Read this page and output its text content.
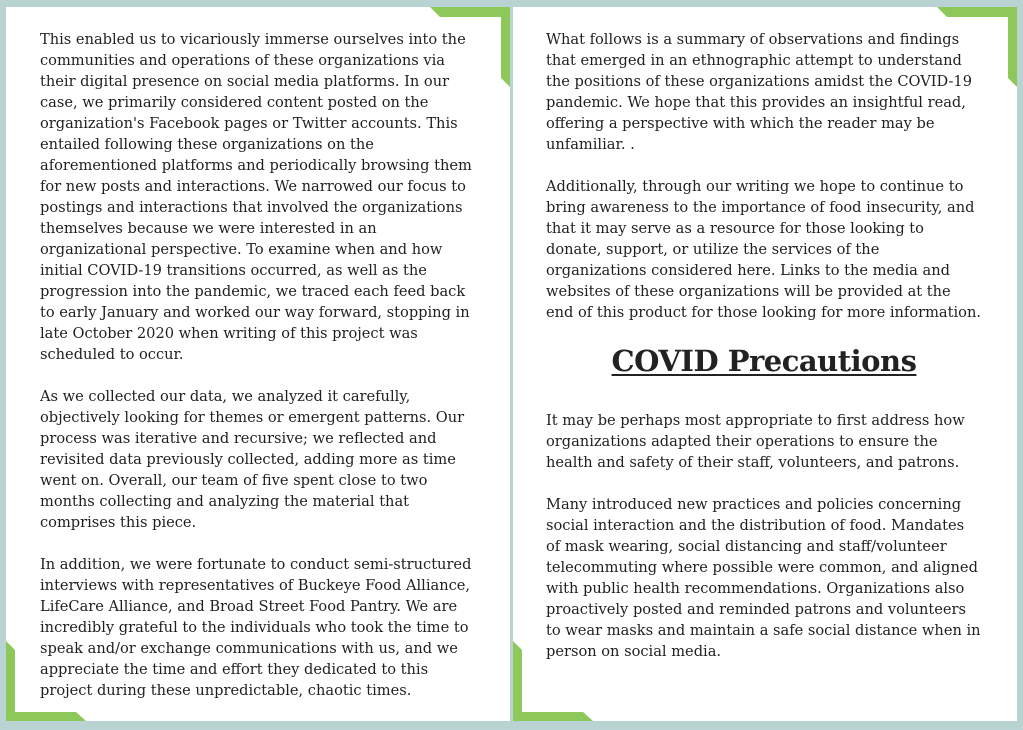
This enabled us to vicariously immerse ourselves into the communities and operations of these organizations via their digital presence on social media platforms. In our case, we primarily considered content posted on the organization's Facebook pages or Twitter accounts. This entailed following these organizations on the aforementioned platforms and periodically browsing them for new posts and interactions. We narrowed our focus to postings and interactions that involved the organizations themselves because we were interested in an organizational perspective. To examine when and how initial COVID-19 transitions occurred, as well as the progression into the pandemic, we traced each feed back to early January and worked our way forward, stopping in late October 2020 when writing of this project was scheduled to occur.

As we collected our data, we analyzed it carefully, objectively looking for themes or emergent patterns. Our process was iterative and recursive; we reflected and revisited data previously collected, adding more as time went on. Overall, our team of five spent close to two months collecting and analyzing the material that comprises this piece.

In addition, we were fortunate to conduct semi-structured interviews with representatives of Buckeye Food Alliance, LifeCare Alliance, and Broad Street Food Pantry. We are incredibly grateful to the individuals who took the time to speak and/or exchange communications with us, and we appreciate the time and effort they dedicated to this project during these unpredictable, chaotic times.

What follows is a summary of observations and findings that emerged in an ethnographic attempt to understand the positions of these organizations amidst the COVID-19 pandemic. We hope that this provides an insightful read, offering a perspective with which the reader may be unfamiliar. .

Additionally, through our writing we hope to continue to bring awareness to the importance of food insecurity, and that it may serve as a resource for those looking to donate, support, or utilize the services of the organizations considered here. Links to the media and websites of these organizations will be provided at the end of this product for those looking for more information.

COVID Precautions

It may be perhaps most appropriate to first address how organizations adapted their operations to ensure the health and safety of their staff, volunteers, and patrons.

Many introduced new practices and policies concerning social interaction and the distribution of food. Mandates of mask wearing, social distancing and staff/volunteer telecommuting where possible were common, and aligned with public health recommendations. Organizations also proactively posted and reminded patrons and volunteers to wear masks and maintain a safe social distance when in person on social media.
